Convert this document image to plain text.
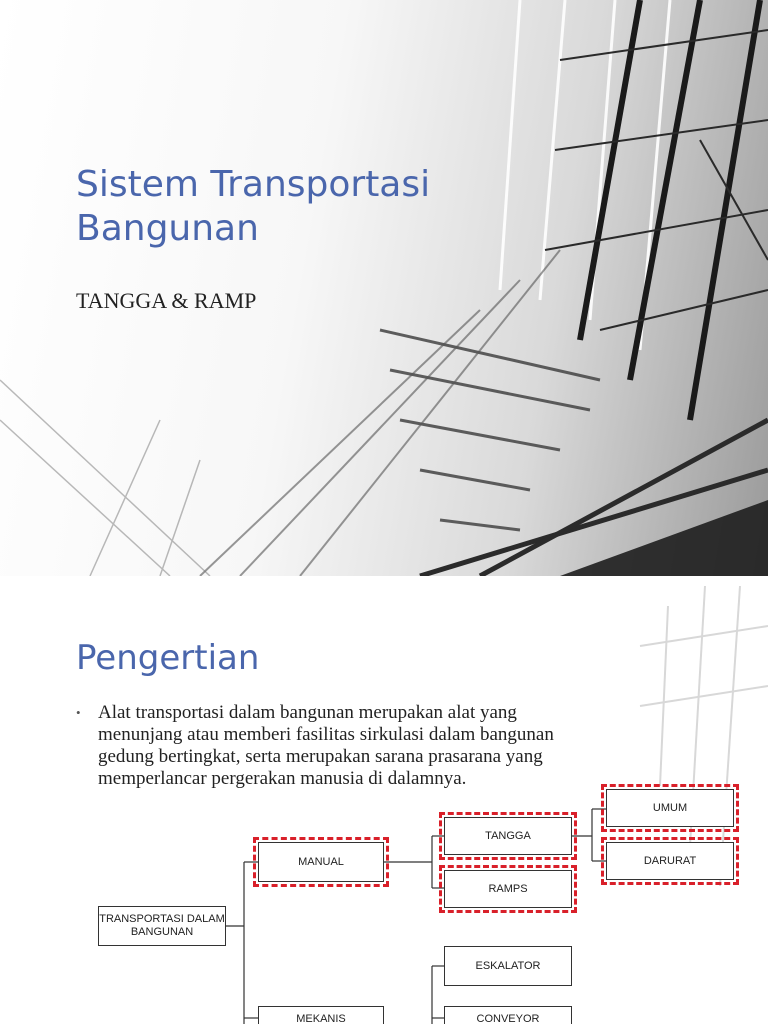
Sistem Transportasi Bangunan

TANGGA & RAMP

Pengertian
• Alat transportasi dalam bangunan merupakan alat yang menunjang atau memberi fasilitas sirkulasi dalam bangunan gedung bertingkat, serta merupakan sarana prasarana yang memperlancar pergerakan manusia di dalamnya.
TRANSPORTASI DALAM BANGUNAN
MANUAL
TANGGA
RAMPS
UMUM
DARURAT
ESKALATOR
MEKANIS	CONVEYOR
